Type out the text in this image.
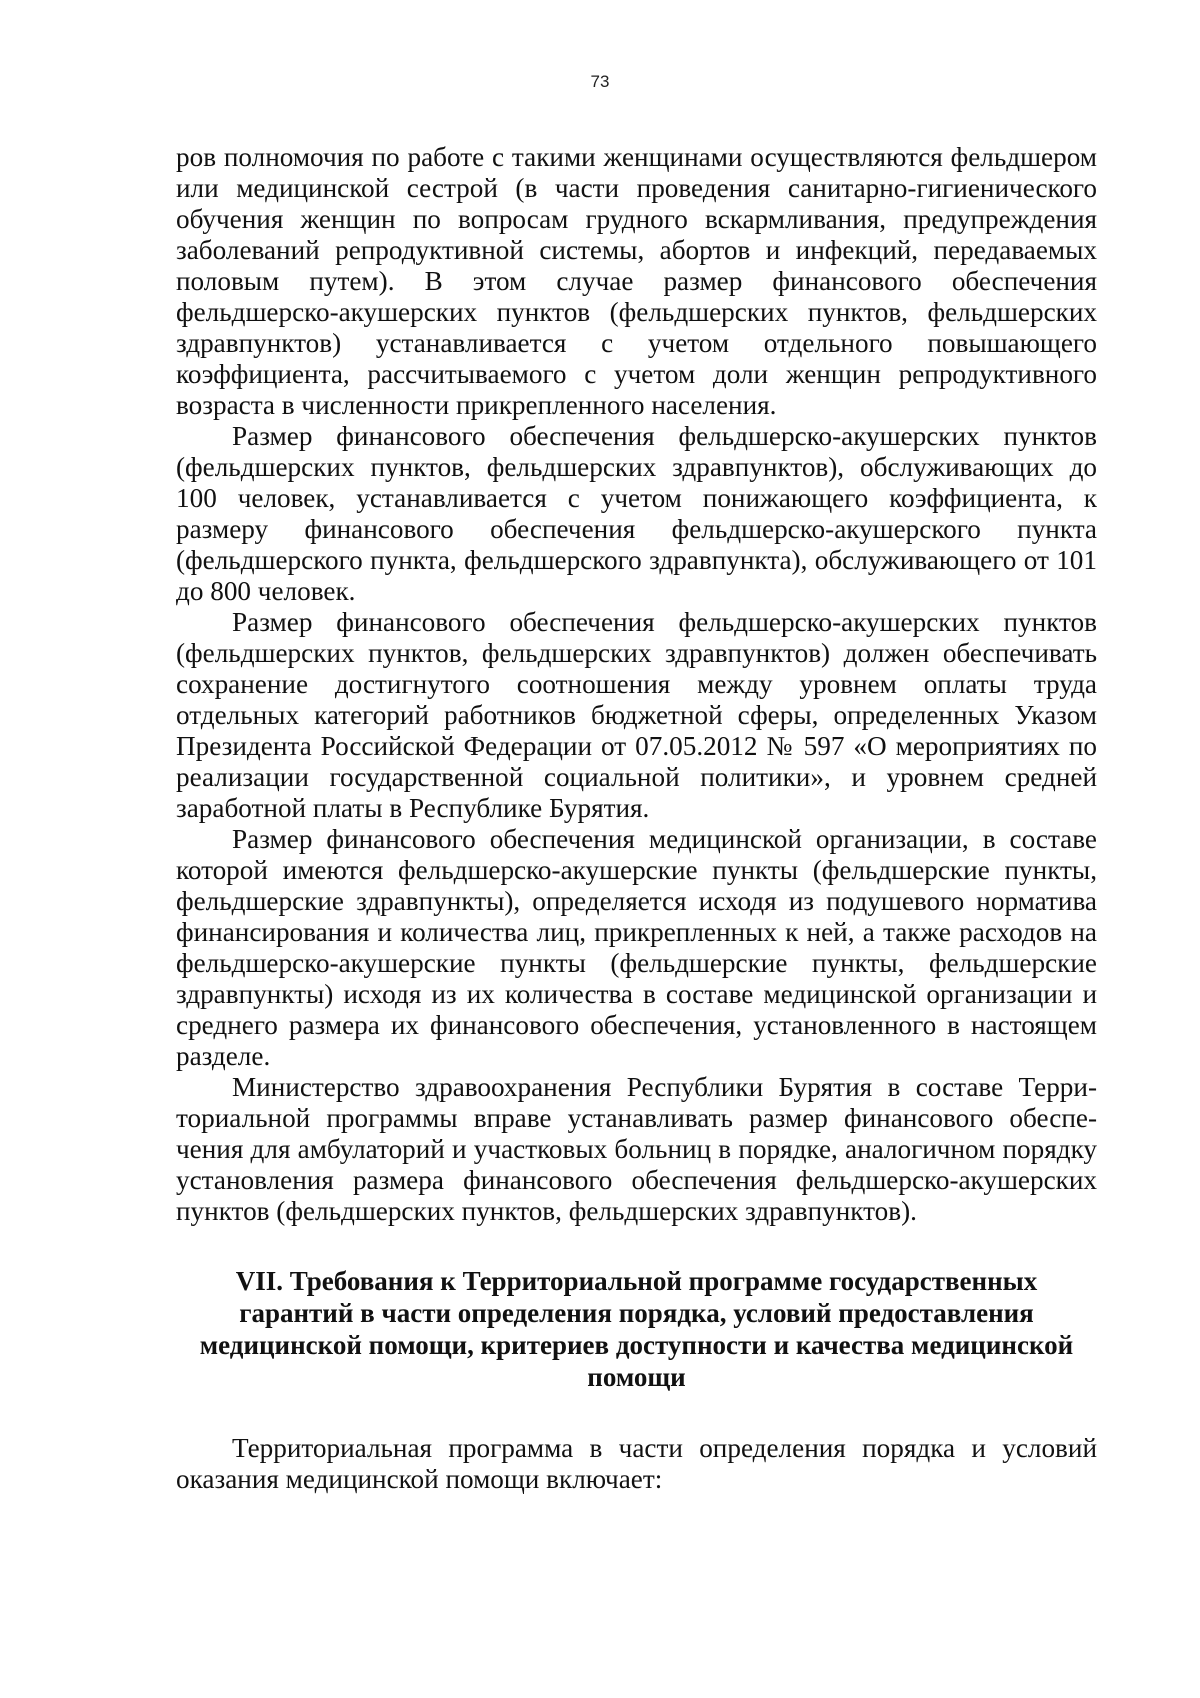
73

ров полномочия по работе с такими женщинами осуществляются фельдшером или медицинской сестрой (в части проведения санитарно-гигиенического обучения женщин по вопросам грудного вскармливания, предупреждения заболеваний репродуктивной системы, абортов и инфекций, передаваемых половым путем). В этом случае размер финансового обеспечения фельдшерско-акушерских пунктов (фельдшерских пунктов, фельдшерских здравпунктов) устанавливается с учетом отдельного повышающего коэффициента, рассчитываемого с учетом доли женщин репродуктивного возраста в численности прикрепленного населения.

Размер финансового обеспечения фельдшерско-акушерских пунктов (фельдшерских пунктов, фельдшерских здравпунктов), обслуживающих до 100 человек, устанавливается с учетом понижающего коэффициента, к размеру финансового обеспечения фельдшерско-акушерского пункта (фельдшерского пункта, фельдшерского здравпункта), обслуживающего от 101 до 800 человек.

Размер финансового обеспечения фельдшерско-акушерских пунктов (фельдшерских пунктов, фельдшерских здравпунктов) должен обеспечивать сохранение достигнутого соотношения между уровнем оплаты труда отдельных категорий работников бюджетной сферы, определенных Указом Президента Российской Федерации от 07.05.2012 № 597 «О мероприятиях по реализации государственной социальной политики», и уровнем средней заработной платы в Республике Бурятия.

Размер финансового обеспечения медицинской организации, в составе которой имеются фельдшерско-акушерские пункты (фельдшерские пункты, фельдшерские здравпункты), определяется исходя из подушевого норматива финансирования и количества лиц, прикрепленных к ней, а также расходов на фельдшерско-акушерские пункты (фельдшерские пункты, фельдшерские здравпункты) исходя из их количества в составе медицинской организации и среднего размера их финансового обеспечения, установленного в настоящем разделе.

Министерство здравоохранения Республики Бурятия в составе Территориальной программы вправе устанавливать размер финансового обеспечения для амбулаторий и участковых больниц в порядке, аналогичном порядку установления размера финансового обеспечения фельдшерско-акушерских пунктов (фельдшерских пунктов, фельдшерских здравпунктов).

VII. Требования к Территориальной программе государственных гарантий в части определения порядка, условий предоставления медицинской помощи, критериев доступности и качества медицинской помощи

Территориальная программа в части определения порядка и условий оказания медицинской помощи включает:
